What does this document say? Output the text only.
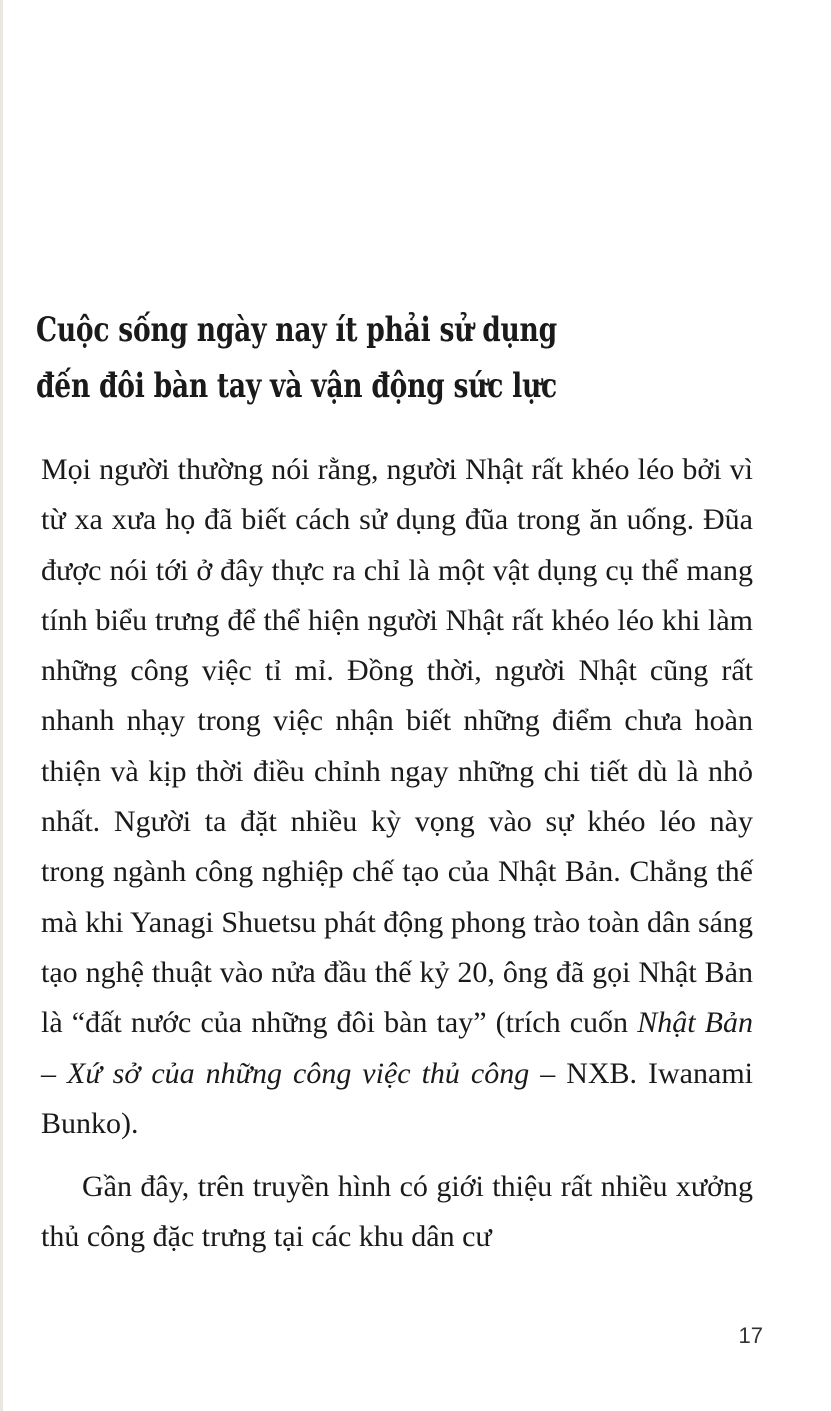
Cuộc sống ngày nay ít phải sử dụng
đến đôi bàn tay và vận động sức lực

Mọi người thường nói rằng, người Nhật rất khéo léo bởi vì từ xa xưa họ đã biết cách sử dụng đũa trong ăn uống. Đũa được nói tới ở đây thực ra chỉ là một vật dụng cụ thể mang tính biểu trưng để thể hiện người Nhật rất khéo léo khi làm những công việc tỉ mỉ. Đồng thời, người Nhật cũng rất nhanh nhạy trong việc nhận biết những điểm chưa hoàn thiện và kịp thời điều chỉnh ngay những chi tiết dù là nhỏ nhất. Người ta đặt nhiều kỳ vọng vào sự khéo léo này trong ngành công nghiệp chế tạo của Nhật Bản. Chẳng thế mà khi Yanagi Shuetsu phát động phong trào toàn dân sáng tạo nghệ thuật vào nửa đầu thế kỷ 20, ông đã gọi Nhật Bản là “đất nước của những đôi bàn tay” (trích cuốn Nhật Bản – Xứ sở của những công việc thủ công – NXB. Iwanami Bunko).

Gần đây, trên truyền hình có giới thiệu rất nhiều xưởng thủ công đặc trưng tại các khu dân cư

17
